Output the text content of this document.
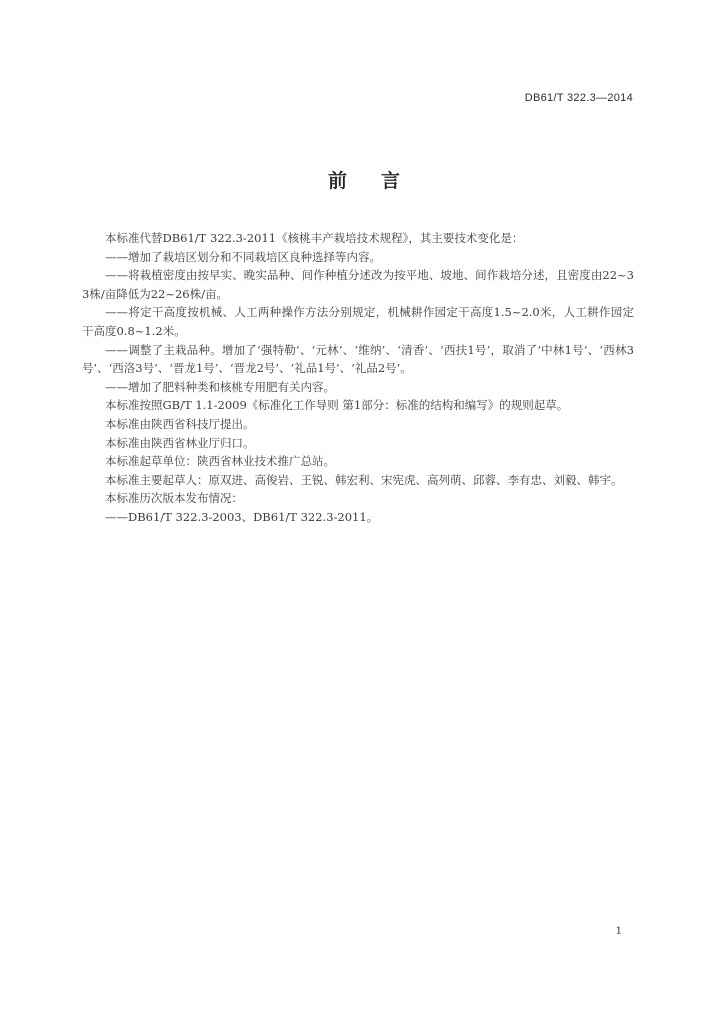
DB61/T 322.3—2014
前言

本标准代替DB61/T 322.3-2011《核桃丰产栽培技术规程》，其主要技术变化是：

——增加了栽培区划分和不同栽培区良种选择等内容。

——将栽植密度由按早实、晚实品种、间作种植分述改为按平地、坡地、间作栽培分述，且密度由22~33株/亩降低为22~26株/亩。

——将定干高度按机械、人工两种操作方法分别规定，机械耕作园定干高度1.5~2.0米，人工耕作园定干高度0.8~1.2米。

——调整了主栽品种。增加了‘强特勒’、‘元林’、‘维纳’、‘清香’、‘西扶1号’，取消了‘中林1号’、‘西林3号’、‘西洛3号’、‘晋龙1号’、‘晋龙2号’、‘礼品1号’、‘礼品2号’。

——增加了肥料种类和核桃专用肥有关内容。

本标准按照GB/T 1.1-2009《标准化工作导则 第1部分：标准的结构和编写》的规则起草。

本标准由陕西省科技厅提出。

本标准由陕西省林业厅归口。

本标准起草单位：陕西省林业技术推广总站。

本标准主要起草人：原双进、高俊岩、王锐、韩宏利、宋宪虎、高列萌、邱蓉、李有忠、刘毅、韩宇。

本标准历次版本发布情况：

——DB61/T 322.3-2003、DB61/T 322.3-2011。

1
